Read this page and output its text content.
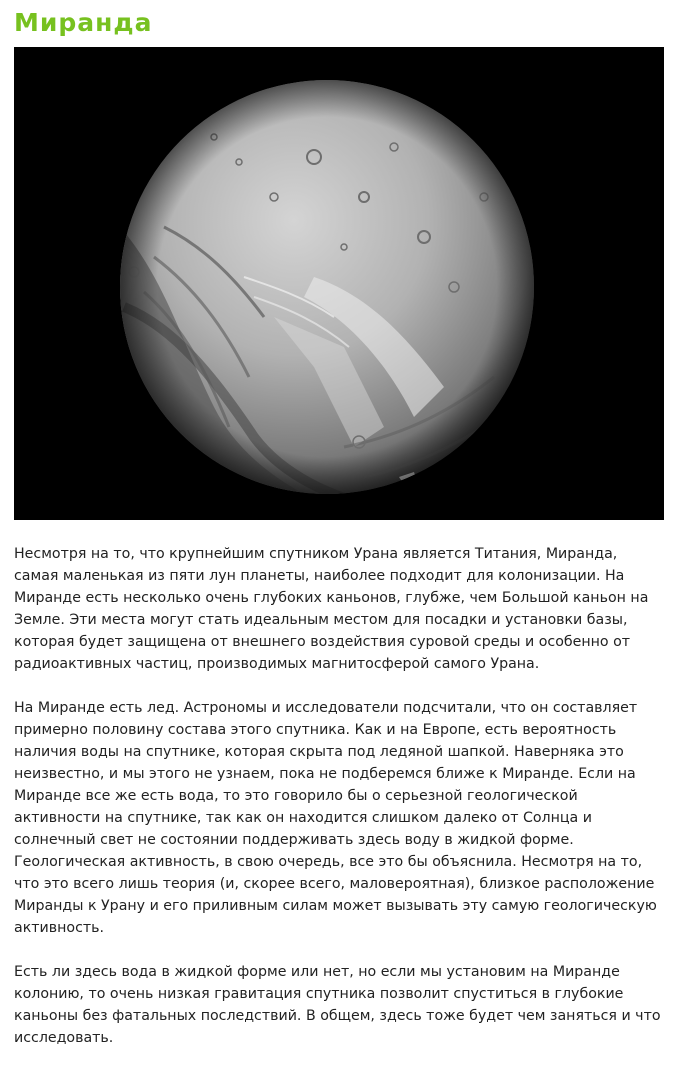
Миранда

Несмотря на то, что крупнейшим спутником Урана является Титания, Миранда, самая маленькая из пяти лун планеты, наиболее подходит для колонизации. На Миранде есть несколько очень глубоких каньонов, глубже, чем Большой каньон на Земле. Эти места могут стать идеальным местом для посадки и установки базы, которая будет защищена от внешнего воздействия суровой среды и особенно от радиоактивных частиц, производимых магнитосферой самого Урана.

На Миранде есть лед. Астрономы и исследователи подсчитали, что он составляет примерно половину состава этого спутника. Как и на Европе, есть вероятность наличия воды на спутнике, которая скрыта под ледяной шапкой. Наверняка это неизвестно, и мы этого не узнаем, пока не подберемся ближе к Миранде. Если на Миранде все же есть вода, то это говорило бы о серьезной геологической активности на спутнике, так как он находится слишком далеко от Солнца и солнечный свет не состоянии поддерживать здесь воду в жидкой форме. Геологическая активность, в свою очередь, все это бы объяснила. Несмотря на то, что это всего лишь теория (и, скорее всего, маловероятная), близкое расположение Миранды к Урану и его приливным силам может вызывать эту самую геологическую активность.

Есть ли здесь вода в жидкой форме или нет, но если мы установим на Миранде колонию, то очень низкая гравитация спутника позволит спуститься в глубокие каньоны без фатальных последствий. В общем, здесь тоже будет чем заняться и что исследовать.
